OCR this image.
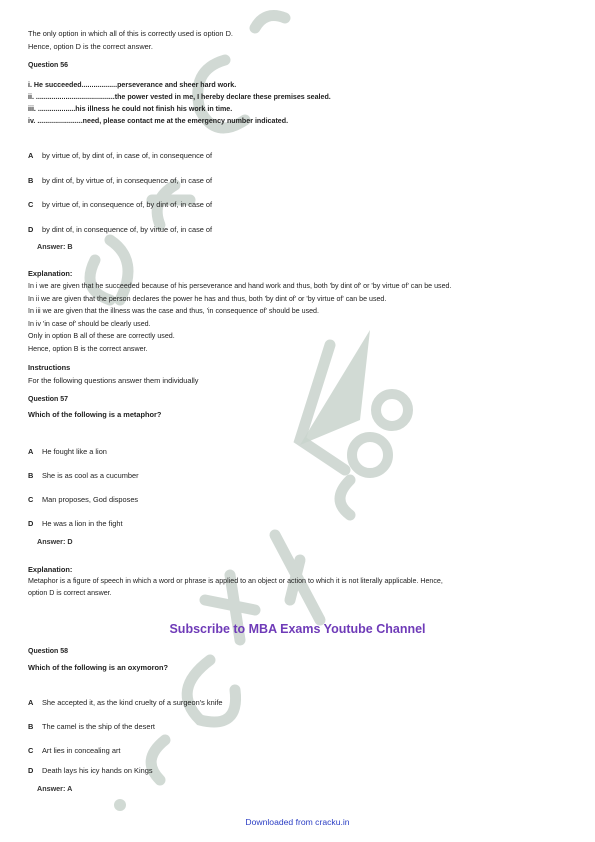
The only option in which all of this is correctly used is option D.
Hence, option D is the correct answer.
Question 56
i. He succeeded..................perseverance and sheer hard work.
ii. ........................................the power vested in me, I hereby declare these premises sealed.
iii. ...................his illness he could not finish his work in time.
iv. .......................need, please contact me at the emergency number indicated.
A by virtue of, by dint of, in case of, in consequence of
B by dint of, by virtue of, in consequence of, in case of
C by virtue of, in consequence of, by dint of, in case of
D by dint of, in consequence of, by virtue of, in case of
Answer: B
Explanation:
In i we are given that he succeeded because of his perseverance and hand work and thus, both 'by dint of' or 'by virtue of' can be used.
In ii we are given that the person declares the power he has and thus, both 'by dint of' or 'by virtue of' can be used.
In iii we are given that the illness was the case and thus, 'in consequence of' should be used.
In iv 'in case of' should be clearly used.
Only in option B all of these are correctly used.
Hence, option B is the correct answer.
Instructions
For the following questions answer them individually
Question 57
Which of the following is a metaphor?
A He fought like a lion
B She is as cool as a cucumber
C Man proposes, God disposes
D He was a lion in the fight
Answer: D
Explanation:
Metaphor is a figure of speech in which a word or phrase is applied to an object or action to which it is not literally applicable. Hence,
option D is correct answer.
Subscribe to MBA Exams Youtube Channel
Question 58
Which of the following is an oxymoron?
A She accepted it, as the kind cruelty of a surgeon's knife
B The camel is the ship of the desert
C Art lies in concealing art
D Death lays his icy hands on Kings
Answer: A
Downloaded from cracku.in
